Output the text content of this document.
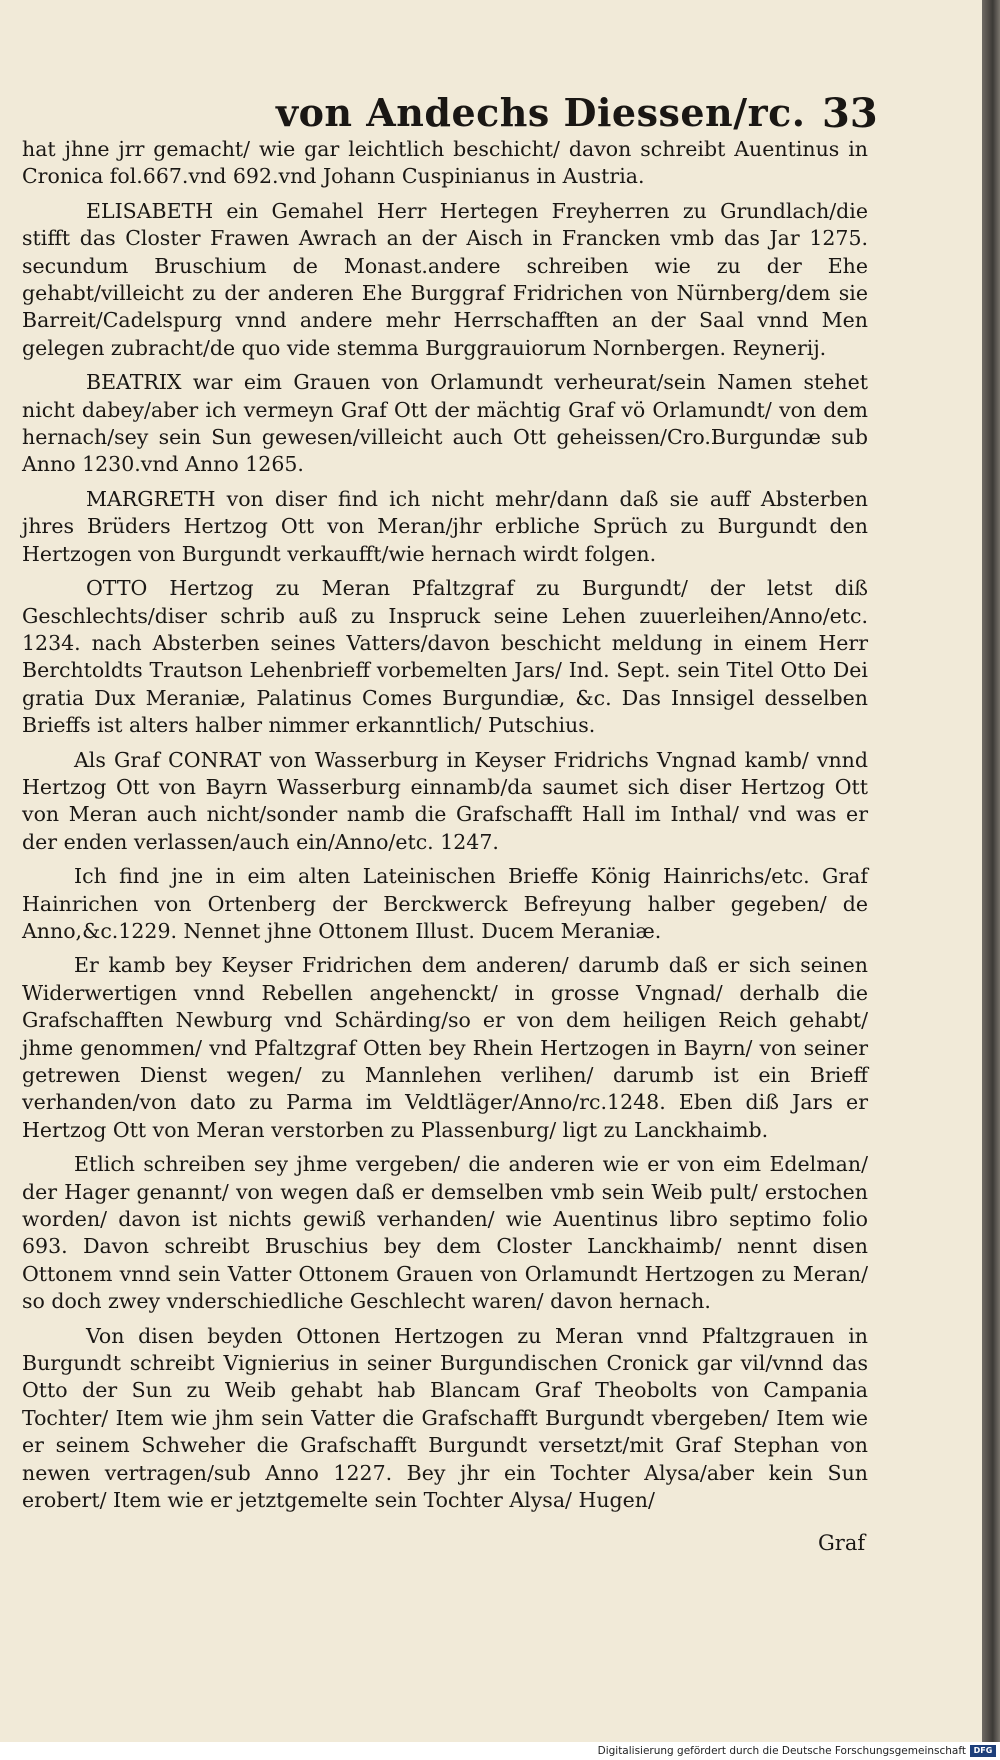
von Andechs Diessen/rc. 33

hat jhne jrr gemacht/ wie gar leichtlich beschicht/ davon schreibt Auentinus in Cronica fol.667.vnd 692.vnd Johann Cuspinianus in Austria.

ELISABETH ein Gemahel Herr Hertegen Freyherren zu Grundlach/die stifft das Closter Frawen Awrach an der Aisch in Francken vmb das Jar 1275. secundum Bruschium de Monast.andere schreiben wie zu der Ehe gehabt/villeicht zu der anderen Ehe Burggraf Fridrichen von Nürnberg/dem sie Barreit/Cadelspurg vnnd andere mehr Herrschafften an der Saal vnnd Men gelegen zubracht/de quo vide stemma Burggrauiorum Nornbergen. Reynerij.

BEATRIX war eim Grauen von Orlamundt verheurat/sein Namen stehet nicht dabey/aber ich vermeyn Graf Ott der mächtig Graf vö Orlamundt/ von dem hernach/sey sein Sun gewesen/villeicht auch Ott geheissen/Cro.Burgundæ sub Anno 1230.vnd Anno 1265.

MARGRETH von diser find ich nicht mehr/dann daß sie auff Absterben jhres Brüders Hertzog Ott von Meran/jhr erbliche Sprüch zu Burgundt den Hertzogen von Burgundt verkaufft/wie hernach wirdt folgen.

OTTO Hertzog zu Meran Pfaltzgraf zu Burgundt/ der letst diß Geschlechts/diser schrib auß zu Inspruck seine Lehen zuuerleihen/Anno/etc. 1234. nach Absterben seines Vatters/davon beschicht meldung in einem Herr Berchtoldts Trautson Lehenbrieff vorbemelten Jars/ Ind. Sept. sein Titel Otto Dei gratia Dux Meraniæ, Palatinus Comes Burgundiæ, &c. Das Innsigel desselben Brieffs ist alters halber nimmer erkanntlich/ Putschius.

Als Graf CONRAT von Wasserburg in Keyser Fridrichs Vngnad kamb/ vnnd Hertzog Ott von Bayrn Wasserburg einnamb/da saumet sich diser Hertzog Ott von Meran auch nicht/sonder namb die Grafschafft Hall im Inthal/ vnd was er der enden verlassen/auch ein/Anno/etc. 1247.

Ich find jne in eim alten Lateinischen Brieffe König Hainrichs/etc. Graf Hainrichen von Ortenberg der Berckwerck Befreyung halber gegeben/ de Anno,&c.1229. Nennet jhne Ottonem Illust. Ducem Meraniæ.

Er kamb bey Keyser Fridrichen dem anderen/ darumb daß er sich seinen Widerwertigen vnnd Rebellen angehenckt/ in grosse Vngnad/ derhalb die Grafschafften Newburg vnd Schärding/so er von dem heiligen Reich gehabt/ jhme genommen/ vnd Pfaltzgraf Otten bey Rhein Hertzogen in Bayrn/ von seiner getrewen Dienst wegen/ zu Mannlehen verlihen/ darumb ist ein Brieff verhanden/von dato zu Parma im Veldtläger/Anno/rc.1248. Eben diß Jars er Hertzog Ott von Meran verstorben zu Plassenburg/ ligt zu Lanckhaimb.

Etlich schreiben sey jhme vergeben/ die anderen wie er von eim Edelman/ der Hager genannt/ von wegen daß er demselben vmb sein Weib pult/ erstochen worden/ davon ist nichts gewiß verhanden/ wie Auentinus libro septimo folio 693. Davon schreibt Bruschius bey dem Closter Lanckhaimb/ nennt disen Ottonem vnnd sein Vatter Ottonem Grauen von Orlamundt Hertzogen zu Meran/ so doch zwey vnderschiedliche Geschlecht waren/ davon hernach.

Von disen beyden Ottonen Hertzogen zu Meran vnnd Pfaltzgrauen in Burgundt schreibt Vignierius in seiner Burgundischen Cronick gar vil/vnnd das Otto der Sun zu Weib gehabt hab Blancam Graf Theobolts von Campania Tochter/ Item wie jhm sein Vatter die Grafschafft Burgundt vbergeben/ Item wie er seinem Schweher die Grafschafft Burgundt versetzt/mit Graf Stephan von newen vertragen/sub Anno 1227. Bey jhr ein Tochter Alysa/aber kein Sun erobert/ Item wie er jetztgemelte sein Tochter Alysa/ Hugen/

Graf
Digitalisierung gefördert durch die Deutsche Forschungsgemeinschaft DFG
